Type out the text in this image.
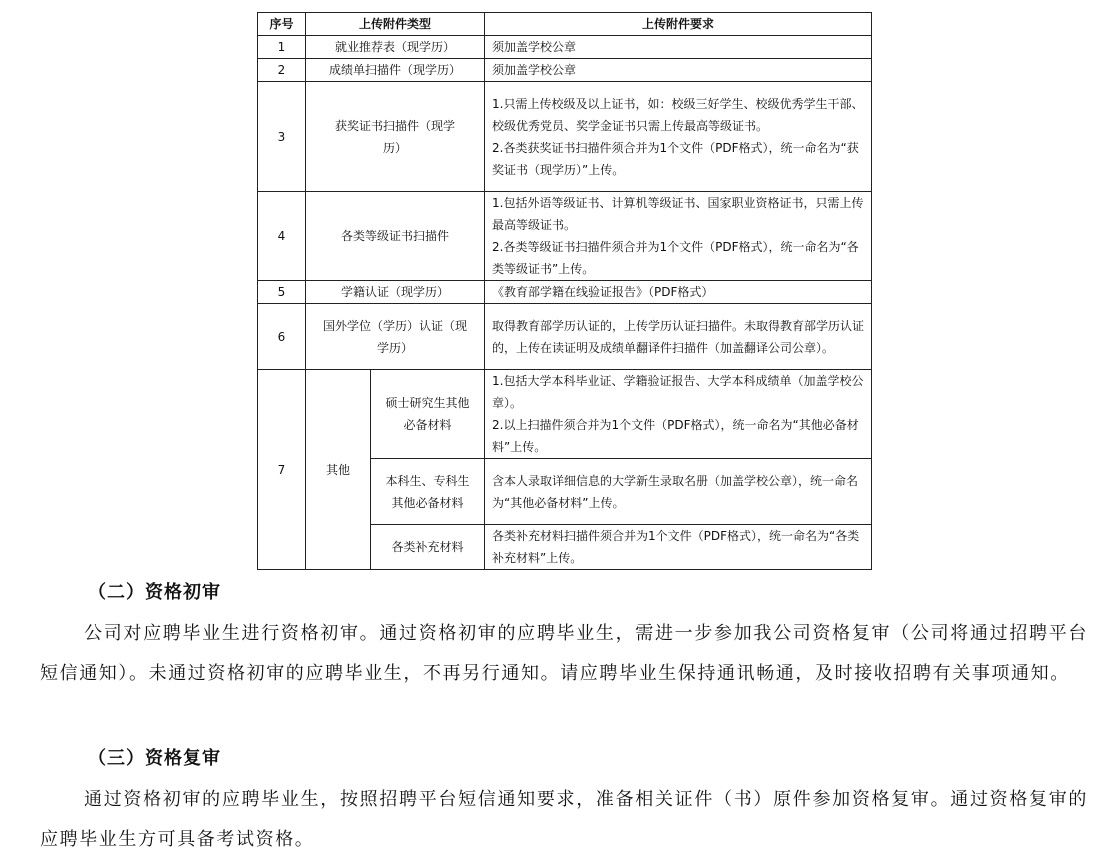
序号	上传附件类型		上传附件要求
1	就业推荐表（现学历）		须加盖学校公章

2	成绩单扫描件（现学历）		须加盖学校公章

3	获奖证书扫描件（现学历）		1.只需上传校级及以上证书，如：校级三好学生、校级优秀学生干部、校级优秀党员、奖学金证书只需上传最高等级证书。
2.各类获奖证书扫描件须合并为1个文件（PDF格式），统一命名为“获奖证书（现学历）”上传。

4	各类等级证书扫描件		1.包括外语等级证书、计算机等级证书、国家职业资格证书，只需上传最高等级证书。
2.各类等级证书扫描件须合并为1个文件（PDF格式），统一命名为“各类等级证书”上传。

5	学籍认证（现学历）		《教育部学籍在线验证报告》（PDF格式）

6	国外学位（学历）认证（现学历）		取得教育部学历认证的，上传学历认证扫描件。未取得教育部学历认证的，上传在读证明及成绩单翻译件扫描件（加盖翻译公司公章）。

7	其他	硕士研究生其他必备材料	1.包括大学本科毕业证、学籍验证报告、大学本科成绩单（加盖学校公章）。
2.以上扫描件须合并为1个文件（PDF格式），统一命名为“其他必备材料”上传。

		本科生、专科生其他必备材料	含本人录取详细信息的大学新生录取名册（加盖学校公章），统一命名为“其他必备材料”上传。

		各类补充材料	各类补充材料扫描件须合并为1个文件（PDF格式），统一命名为“各类补充材料”上传。
（二）资格初审

公司对应聘毕业生进行资格初审。通过资格初审的应聘毕业生，需进一步参加我公司资格复审（公司将通过招聘平台短信通知）。未通过资格初审的应聘毕业生，不再另行通知。请应聘毕业生保持通讯畅通，及时接收招聘有关事项通知。

（三）资格复审

通过资格初审的应聘毕业生，按照招聘平台短信通知要求，准备相关证件（书）原件参加资格复审。通过资格复审的应聘毕业生方可具备考试资格。
